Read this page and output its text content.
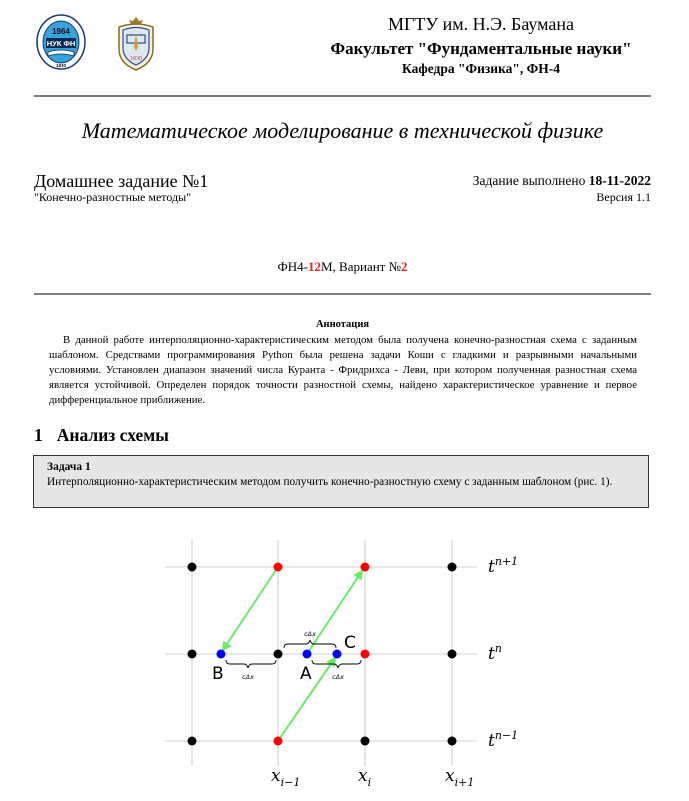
1964
НУК ФН
1830
1830
МГТУ им. Н.Э. Баумана
Факультет "Фундаментальные науки"
Кафедра "Физика", ФН-4
Математическое моделирование в технической физике
Домашнее задание №1
"Конечно-разностные методы"
Задание выполнено 18-11-2022
Версия 1.1
ФН4-12М, Вариант №2
Аннотация
В данной работе интерполяционно-характеристическим методом была получена конечно-разностная схема с заданным шаблоном. Средствами программирования Python была решена задачи Коши с гладкими и разрывными начальными условиями. Установлен диапазон значений числа Куранта - Фридрихса - Леви, при котором полученная разностная схема является устойчивой. Определен порядок точности разностной схемы, найдено характеристическое уравнение и первое дифференциальное приближение.
1 Анализ схемы
Задача 1
Интерполяционно-характеристическим методом получить конечно-разностную схему с заданным шаблоном (рис. 1).
cΔx
cΔx
cΔx
B	A
C
$t^{n+1}$
$t^n$
$t^{n-1}$
$x_{i-1}$	$x_i$	$x_{i+1}$
